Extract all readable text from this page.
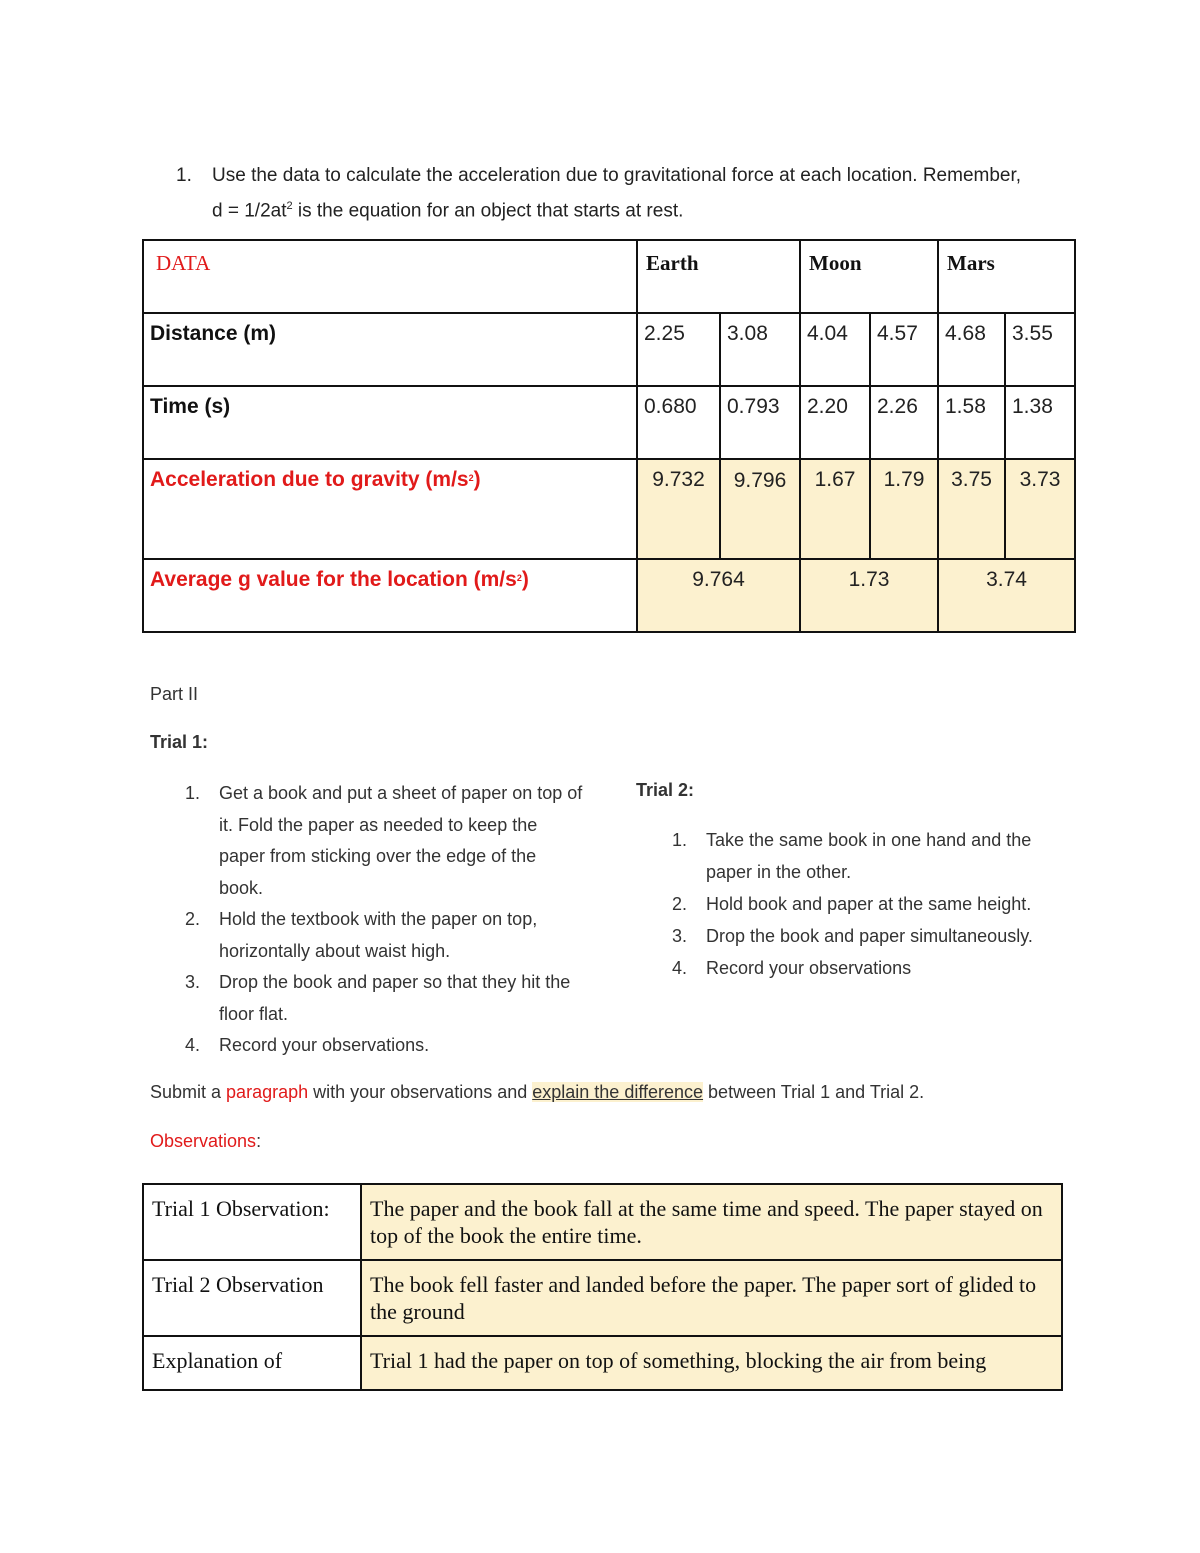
1. Use the data to calculate the acceleration due to gravitational force at each location. Remember,
$d = 1/2at^2$ is the equation for an object that starts at rest.
DATA	Earth		Moon		Mars	
Distance (m)	2.25	3.08	4.04	4.57	4.68	3.55
Time (s)	0.680	0.793	2.20	2.26	1.58	1.38
Acceleration due to gravity $(m/s^2)$	9.732	9.796	1.67	1.79	3.75	3.73
Average g value for the location $(m/s^2)$	9.764		1.73		3.74	
Part II
Trial 1:
Trial 2:
1. Get a book and put a sheet of paper on top of it. Fold the paper as needed to keep the paper from sticking over the edge of the book.
2. Hold the textbook with the paper on top, horizontally about waist high.
3. Drop the book and paper so that they hit the floor flat.
4. Record your observations.
1. Take the same book in one hand and the paper in the other.
2. Hold book and paper at the same height.
3. Drop the book and paper simultaneously.
4. Record your observations
Submit a paragraph with your observations and explain the difference between Trial 1 and Trial 2.
Observations:
Trial 1 Observation:	The paper and the book fall at the same time and speed. The paper stayed on top of the book the entire time.
Trial 2 Observation	The book fell faster and landed before the paper. The paper sort of glided to the ground
Explanation of	Trial 1 had the paper on top of something, blocking the air from being
